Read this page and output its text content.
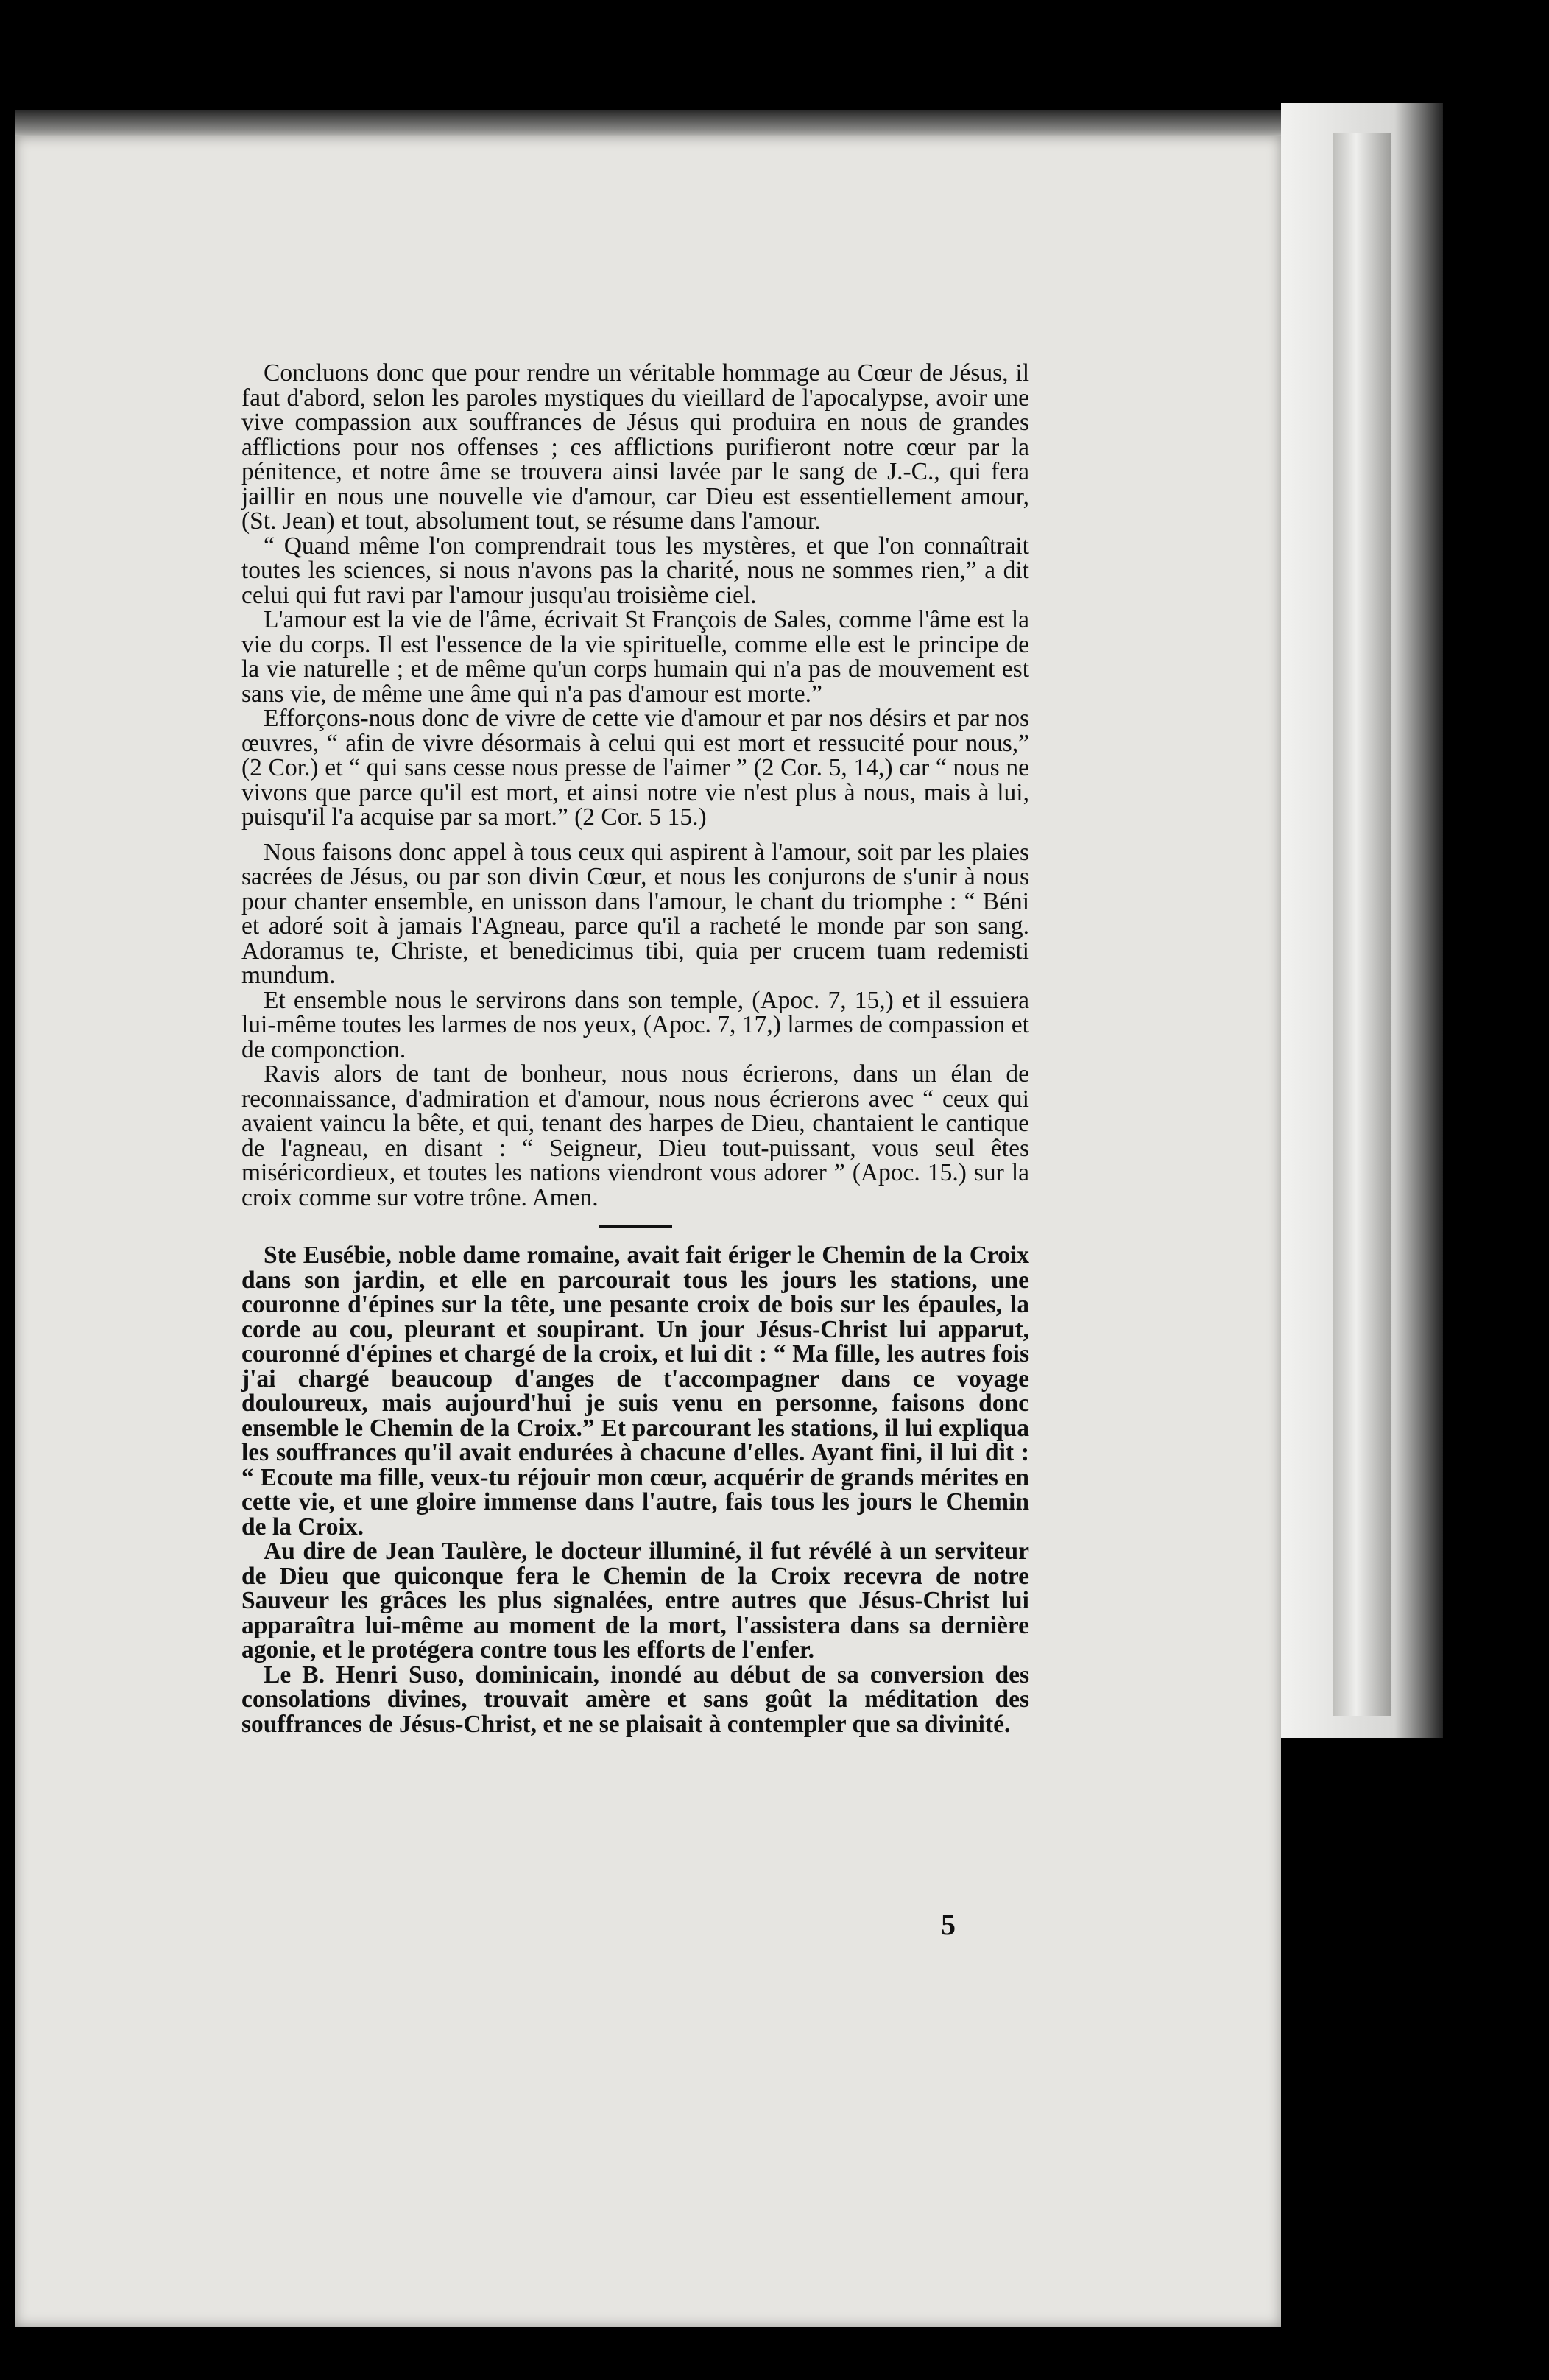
Concluons donc que pour rendre un véritable hommage au Cœur de Jésus, il faut d'abord, selon les paroles mystiques du vieillard de l'apocalypse, avoir une vive compassion aux souffrances de Jésus qui produira en nous de grandes afflictions pour nos offenses ; ces afflictions purifieront notre cœur par la pénitence, et notre âme se trouvera ainsi lavée par le sang de J.-C., qui fera jaillir en nous une nouvelle vie d'amour, car Dieu est essentiellement amour, (St. Jean) et tout, absolument tout, se résume dans l'amour.

“ Quand même l'on comprendrait tous les mystères, et que l'on connaîtrait toutes les sciences, si nous n'avons pas la charité, nous ne sommes rien,” a dit celui qui fut ravi par l'amour jusqu'au troisième ciel.

L'amour est la vie de l'âme, écrivait St François de Sales, comme l'âme est la vie du corps. Il est l'essence de la vie spirituelle, comme elle est le principe de la vie naturelle ; et de même qu'un corps humain qui n'a pas de mouvement est sans vie, de même une âme qui n'a pas d'amour est morte.”

Efforçons-nous donc de vivre de cette vie d'amour et par nos désirs et par nos œuvres, “ afin de vivre désormais à celui qui est mort et ressucité pour nous,” (2 Cor.) et “ qui sans cesse nous presse de l'aimer ” (2 Cor. 5, 14,) car “ nous ne vivons que parce qu'il est mort, et ainsi notre vie n'est plus à nous, mais à lui, puisqu'il l'a acquise par sa mort.” (2 Cor. 5 15.)

Nous faisons donc appel à tous ceux qui aspirent à l'amour, soit par les plaies sacrées de Jésus, ou par son divin Cœur, et nous les conjurons de s'unir à nous pour chanter ensemble, en unisson dans l'amour, le chant du triomphe : “ Béni et adoré soit à jamais l'Agneau, parce qu'il a racheté le monde par son sang. Adoramus te, Christe, et benedicimus tibi, quia per crucem tuam redemisti mundum.

Et ensemble nous le servirons dans son temple, (Apoc. 7, 15,) et il essuiera lui-même toutes les larmes de nos yeux, (Apoc. 7, 17,) larmes de compassion et de componction.

Ravis alors de tant de bonheur, nous nous écrierons, dans un élan de reconnaissance, d'admiration et d'amour, nous nous écrierons avec “ ceux qui avaient vaincu la bête, et qui, tenant des harpes de Dieu, chantaient le cantique de l'agneau, en disant : “ Seigneur, Dieu tout-puissant, vous seul êtes miséricordieux, et toutes les nations viendront vous adorer ” (Apoc. 15.) sur la croix comme sur votre trône. Amen.

Ste Eusébie, noble dame romaine, avait fait ériger le Chemin de la Croix dans son jardin, et elle en parcourait tous les jours les stations, une couronne d'épines sur la tête, une pesante croix de bois sur les épaules, la corde au cou, pleurant et soupirant. Un jour Jésus-Christ lui apparut, couronné d'épines et chargé de la croix, et lui dit : “ Ma fille, les autres fois j'ai chargé beaucoup d'anges de t'accompagner dans ce voyage douloureux, mais aujourd'hui je suis venu en personne, faisons donc ensemble le Chemin de la Croix.” Et parcourant les stations, il lui expliqua les souffrances qu'il avait endurées à chacune d'elles. Ayant fini, il lui dit : “ Ecoute ma fille, veux-tu réjouir mon cœur, acquérir de grands mérites en cette vie, et une gloire immense dans l'autre, fais tous les jours le Chemin de la Croix.

Au dire de Jean Taulère, le docteur illuminé, il fut révélé à un serviteur de Dieu que quiconque fera le Chemin de la Croix recevra de notre Sauveur les grâces les plus signalées, entre autres que Jésus-Christ lui apparaîtra lui-même au moment de la mort, l'assistera dans sa dernière agonie, et le protégera contre tous les efforts de l'enfer.

Le B. Henri Suso, dominicain, inondé au début de sa conversion des consolations divines, trouvait amère et sans goût la méditation des souffrances de Jésus-Christ, et ne se plaisait à contempler que sa divinité.

5
